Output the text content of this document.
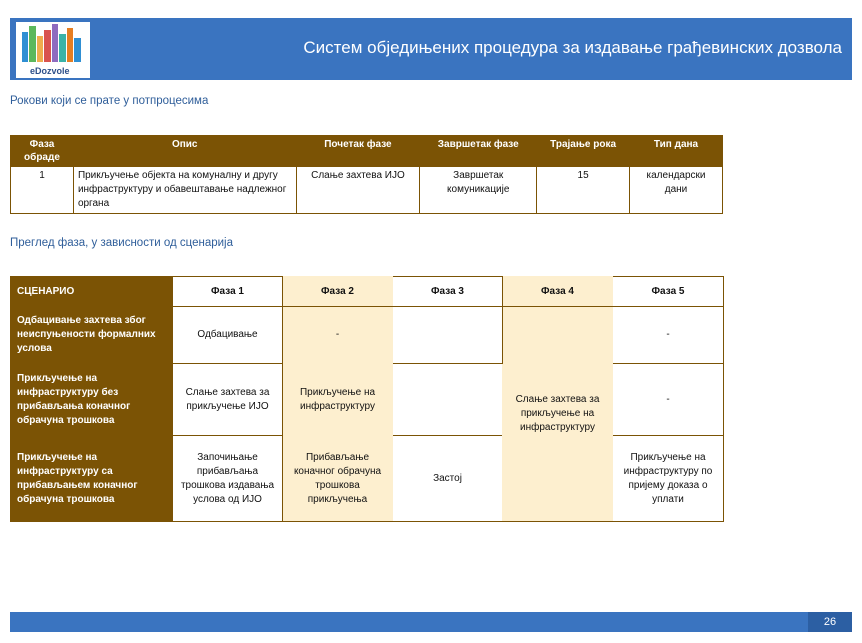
eDozvole
Систем обједињених процедура за издавање грађевинских дозвола
Рокови који се прате у потпроцесима
Фаза обраде	Опис	Почетак фазе	Завршетак фазе	Трајање рока	Тип дана
1	Прикључење објекта на комуналну и другу инфраструктуру и обавештавање надлежног органа	Слање захтева ИЈО	Завршетак комуникације	15	календарски дани
Преглед фаза, у зависности од сценарија
СЦЕНАРИО	Фаза 1	Фаза 2	Фаза 3	Фаза 4	Фаза 5
Одбацивање захтева због неиспуњености формалних услова	Одбацивање	-		Слање захтева за прикључење на инфраструктуру	-
Прикључење на инфраструктуру без прибављања коначног обрачуна трошкова	Слање захтева за прикључење ИЈО	Прикључење на инфраструктуру			-
Прикључење на инфраструктуру са прибављањем коначног обрачуна трошкова	Започињање прибављања трошкова издавања услова од ИЈО	Прибављање коначног обрачуна трошкова прикључења	Застој		Прикључење на инфраструктуру по пријему доказа о уплати
26
